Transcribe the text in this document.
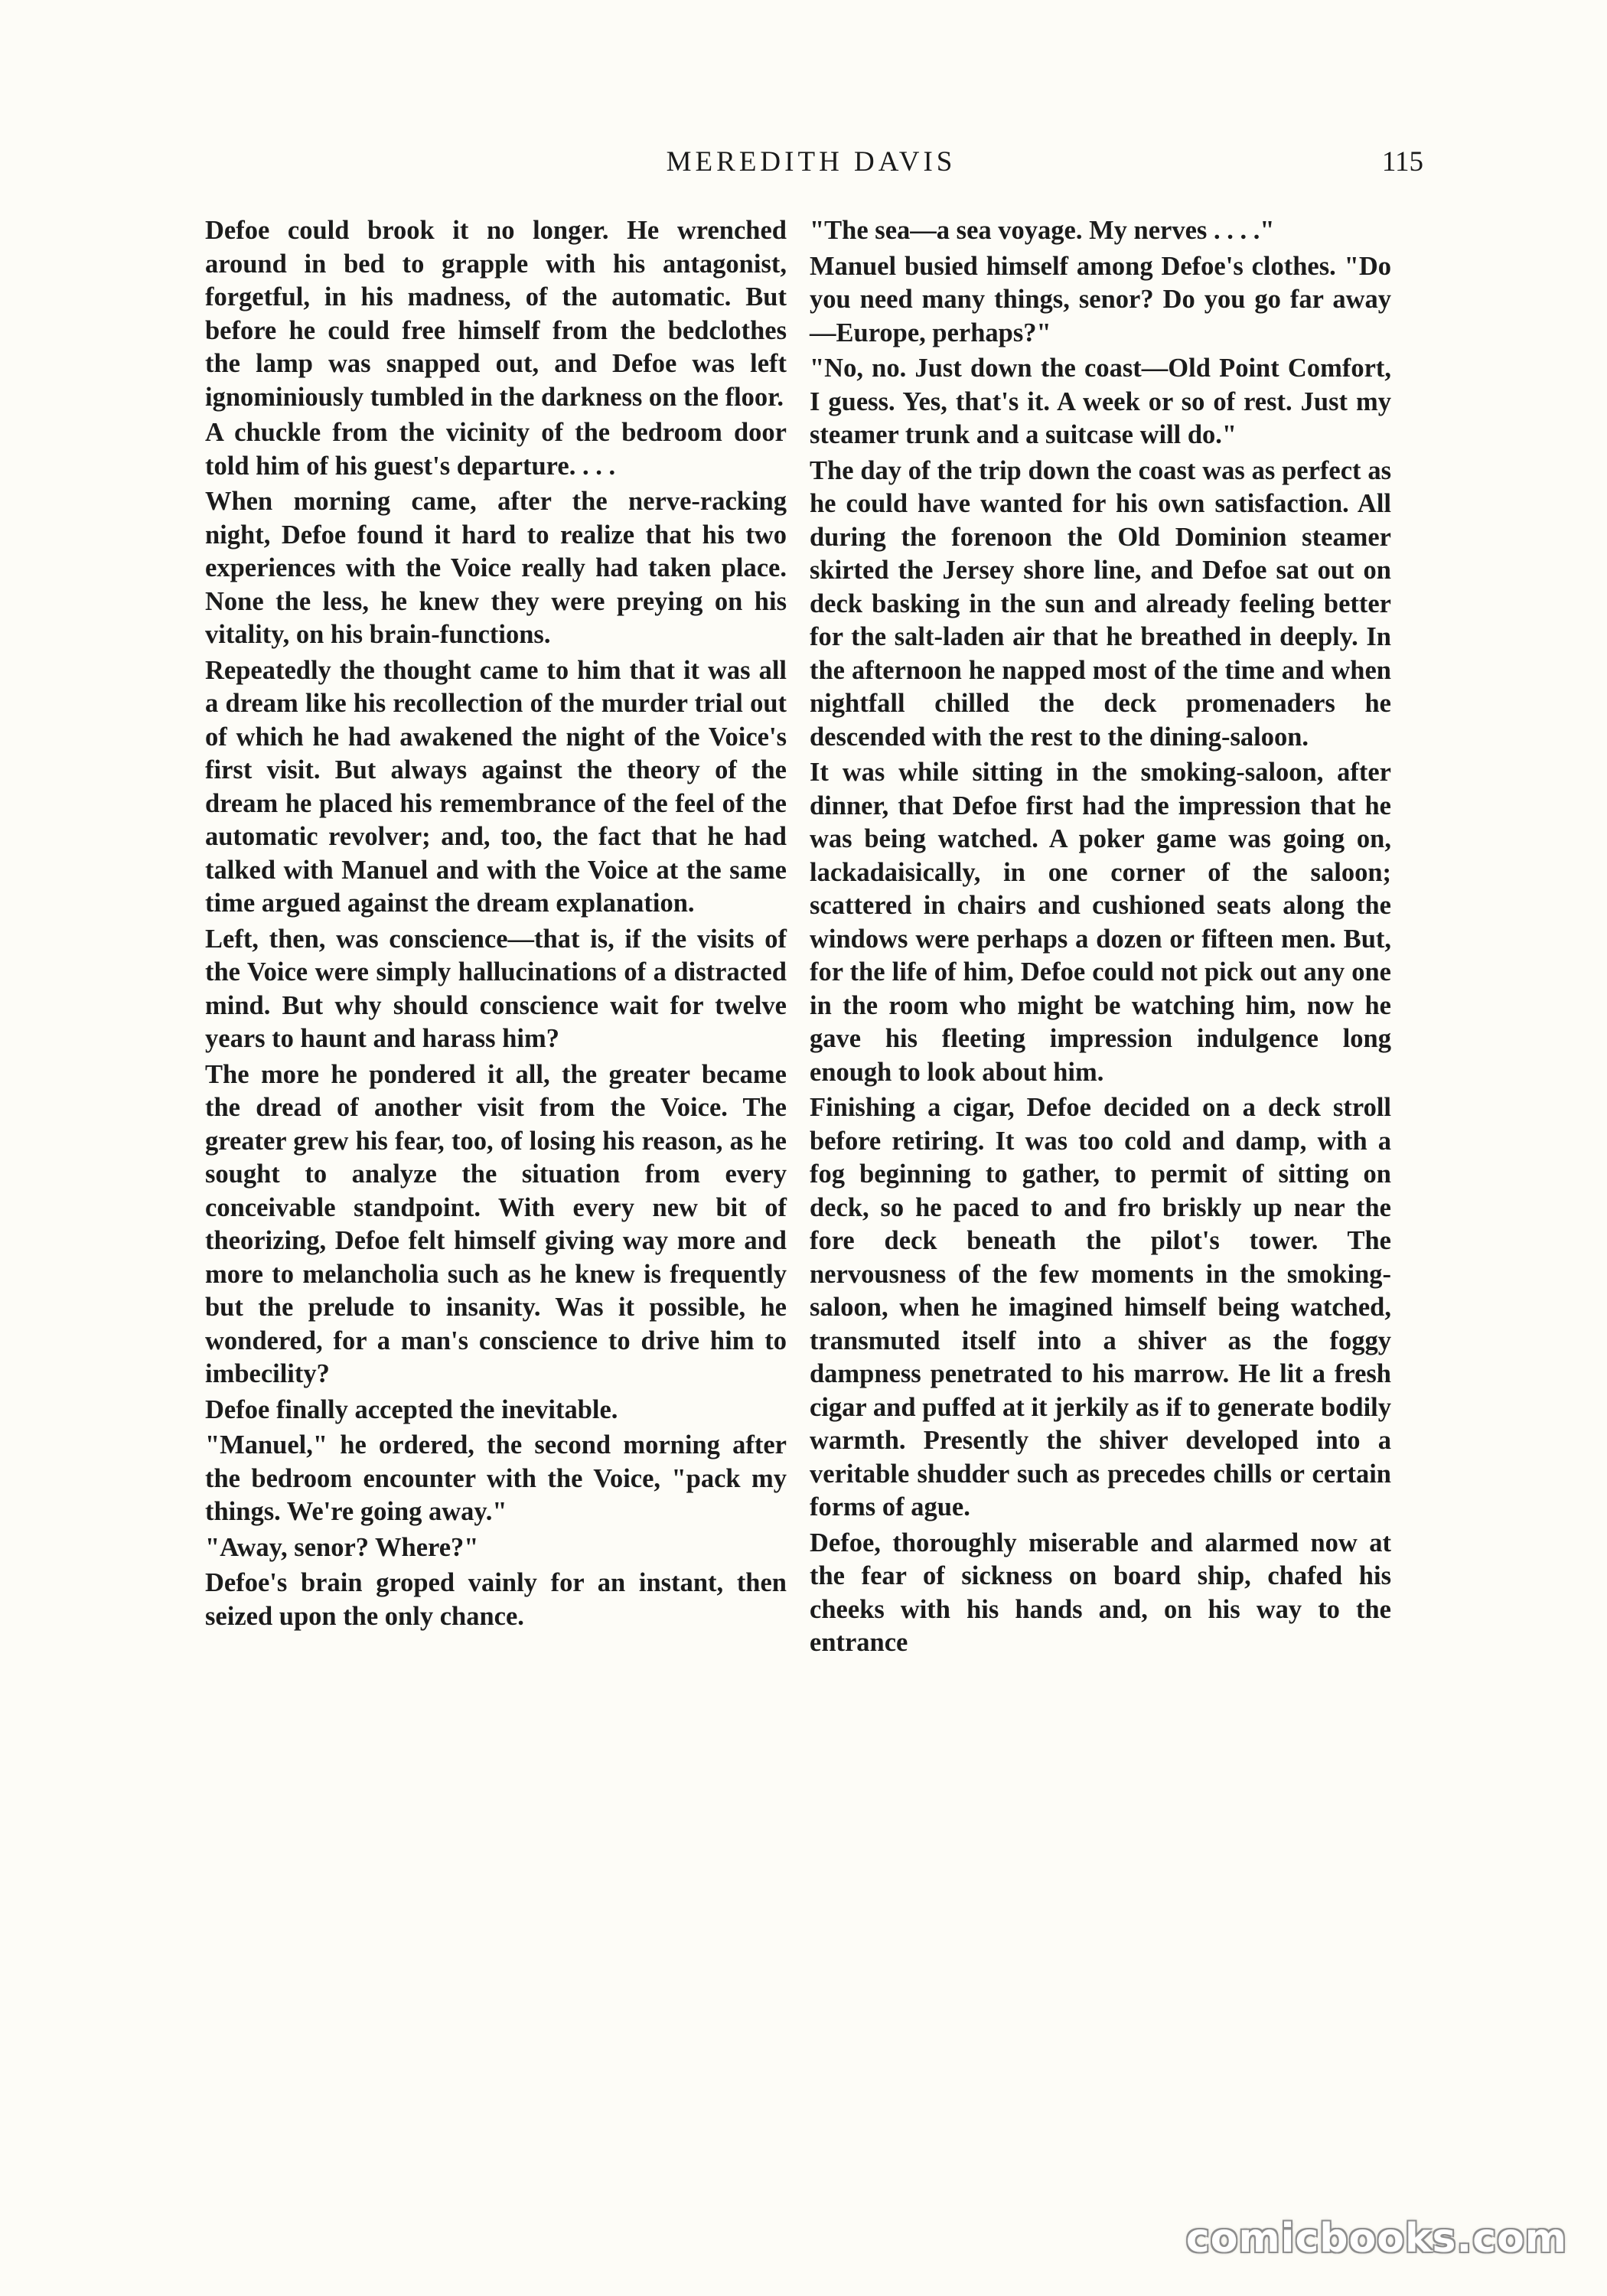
MEREDITH DAVIS	115

Defoe could brook it no longer. He wrenched around in bed to grapple with his antagonist, forgetful, in his madness, of the automatic. But before he could free himself from the bedclothes the lamp was snapped out, and Defoe was left ignominiously tumbled in the darkness on the floor.

A chuckle from the vicinity of the bedroom door told him of his guest's departure. . . .

When morning came, after the nerve-racking night, Defoe found it hard to realize that his two experiences with the Voice really had taken place. None the less, he knew they were preying on his vitality, on his brain-functions.

Repeatedly the thought came to him that it was all a dream like his recollection of the murder trial out of which he had awakened the night of the Voice's first visit. But always against the theory of the dream he placed his remembrance of the feel of the automatic revolver; and, too, the fact that he had talked with Manuel and with the Voice at the same time argued against the dream explanation.

Left, then, was conscience—that is, if the visits of the Voice were simply hallucinations of a distracted mind. But why should conscience wait for twelve years to haunt and harass him?

The more he pondered it all, the greater became the dread of another visit from the Voice. The greater grew his fear, too, of losing his reason, as he sought to analyze the situation from every conceivable standpoint. With every new bit of theorizing, Defoe felt himself giving way more and more to melancholia such as he knew is frequently but the prelude to insanity. Was it possible, he wondered, for a man's conscience to drive him to imbecility?

Defoe finally accepted the inevitable.

"Manuel," he ordered, the second morning after the bedroom encounter with the Voice, "pack my things. We're going away."

"Away, senor? Where?"

Defoe's brain groped vainly for an instant, then seized upon the only chance.

"The sea—a sea voyage. My nerves . . . ."

Manuel busied himself among Defoe's clothes. "Do you need many things, senor? Do you go far away—Europe, perhaps?"

"No, no. Just down the coast—Old Point Comfort, I guess. Yes, that's it. A week or so of rest. Just my steamer trunk and a suitcase will do."

The day of the trip down the coast was as perfect as he could have wanted for his own satisfaction. All during the forenoon the Old Dominion steamer skirted the Jersey shore line, and Defoe sat out on deck basking in the sun and already feeling better for the salt-laden air that he breathed in deeply. In the afternoon he napped most of the time and when nightfall chilled the deck promenaders he descended with the rest to the dining-saloon.

It was while sitting in the smoking-saloon, after dinner, that Defoe first had the impression that he was being watched. A poker game was going on, lackadaisically, in one corner of the saloon; scattered in chairs and cushioned seats along the windows were perhaps a dozen or fifteen men. But, for the life of him, Defoe could not pick out any one in the room who might be watching him, now he gave his fleeting impression indulgence long enough to look about him.

Finishing a cigar, Defoe decided on a deck stroll before retiring. It was too cold and damp, with a fog beginning to gather, to permit of sitting on deck, so he paced to and fro briskly up near the fore deck beneath the pilot's tower. The nervousness of the few moments in the smoking-saloon, when he imagined himself being watched, transmuted itself into a shiver as the foggy dampness penetrated to his marrow. He lit a fresh cigar and puffed at it jerkily as if to generate bodily warmth. Presently the shiver developed into a veritable shudder such as precedes chills or certain forms of ague.

Defoe, thoroughly miserable and alarmed now at the fear of sickness on board ship, chafed his cheeks with his hands and, on his way to the entrance

comicbooks.com
